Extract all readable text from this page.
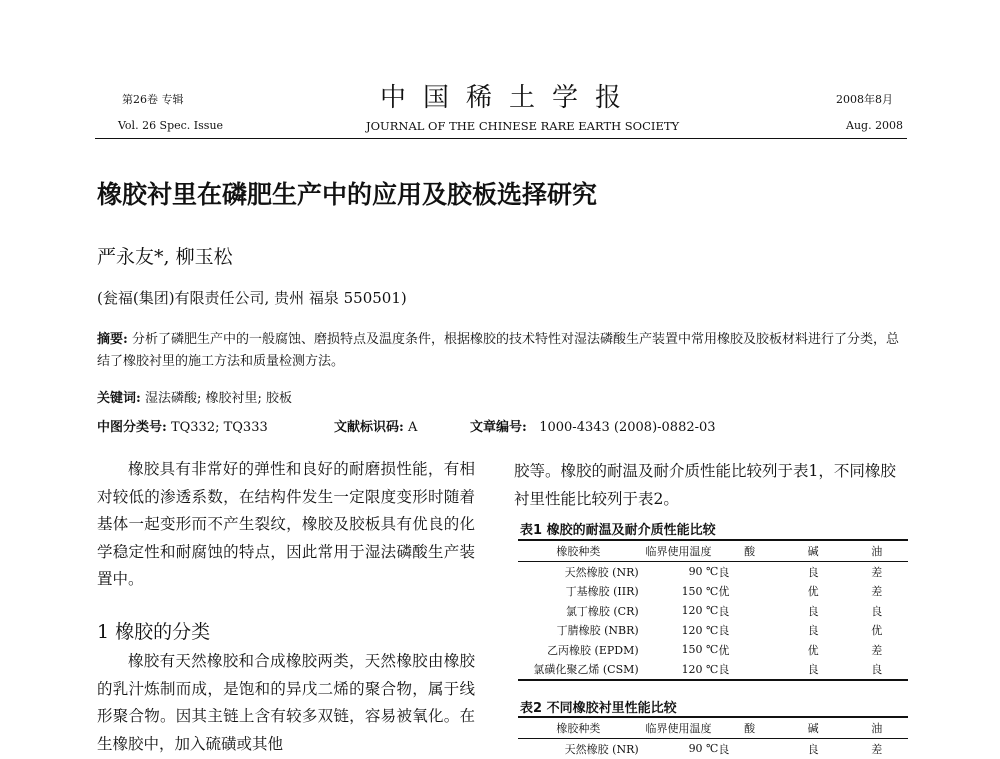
第26卷 专辑	中国稀土学报	2008年8月
Vol. 26 Spec. Issue	JOURNAL OF THE CHINESE RARE EARTH SOCIETY	Aug. 2008
橡胶衬里在磷肥生产中的应用及胶板选择研究
严永友*, 柳玉松
(瓮福(集团)有限责任公司, 贵州 福泉 550501)
摘要: 分析了磷肥生产中的一般腐蚀、磨损特点及温度条件，根据橡胶的技术特性对湿法磷酸生产装置中常用橡胶及胶板材料进行了分类，总结了橡胶衬里的施工方法和质量检测方法。
关键词: 湿法磷酸; 橡胶衬里; 胶板
中图分类号: TQ332; TQ333	文献标识码: A	文章编号: 1000-4343 (2008)-0882-03
橡胶具有非常好的弹性和良好的耐磨损性能，有相对较低的渗透系数，在结构件发生一定限度变形时随着基体一起变形而不产生裂纹，橡胶及胶板具有优良的化学稳定性和耐腐蚀的特点，因此常用于湿法磷酸生产装置中。
1 橡胶的分类
橡胶有天然橡胶和合成橡胶两类，天然橡胶由橡胶的乳汁炼制而成，是饱和的异戊二烯的聚合物，属于线形聚合物。因其主链上含有较多双链，容易被氧化。在生橡胶中，加入硫磺或其他
胶等。橡胶的耐温及耐介质性能比较列于表1，不同橡胶衬里性能比较列于表2。
表1 橡胶的耐温及耐介质性能比较
橡胶种类	临界使用温度	酸	碱	油
天然橡胶 (NR)	90 ℃	良	良	差
丁基橡胶 (IIR)	150 ℃	优	优	差
氯丁橡胶 (CR)	120 ℃	良	良	良
丁腈橡胶 (NBR)	120 ℃	良	良	优
乙丙橡胶 (EPDM)	150 ℃	优	优	差
氯磺化聚乙烯 (CSM)	120 ℃	良	良	良
表2 不同橡胶衬里性能比较
橡胶种类	临界使用温度	酸	碱	油
天然橡胶 (NR)	90 ℃	良	良	差
